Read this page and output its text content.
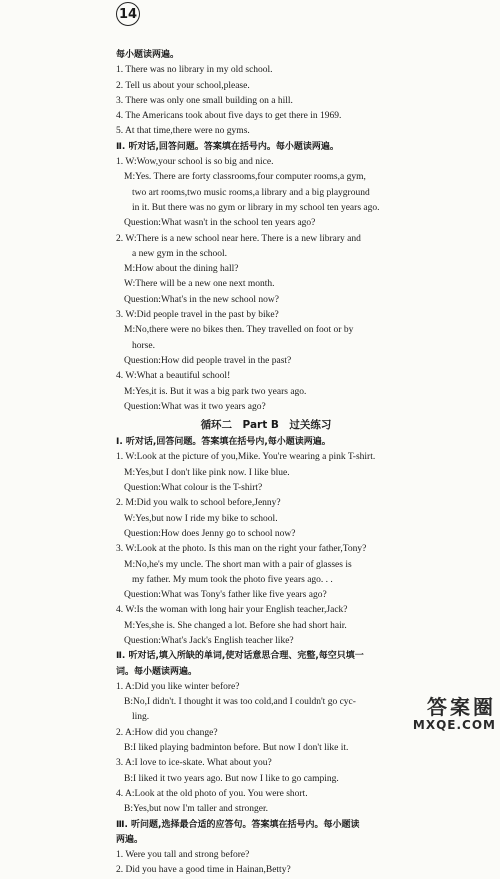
14
每小题读两遍。
1. There was no library in my old school.
2. Tell us about your school,please.
3. There was only one small building on a hill.
4. The Americans took about five days to get there in 1969.
5. At that time,there were no gyms.
Ⅱ. 听对话,回答问题。答案填在括号内。每小题读两遍。
1. W:Wow,your school is so big and nice.
M:Yes. There are forty classrooms,four computer rooms,a gym,
two art rooms,two music rooms,a library and a big playground
in it. But there was no gym or library in my school ten years ago.
Question:What wasn't in the school ten years ago?
2. W:There is a new school near here. There is a new library and
a new gym in the school.
M:How about the dining hall?
W:There will be a new one next month.
Question:What's in the new school now?
3. W:Did people travel in the past by bike?
M:No,there were no bikes then. They travelled on foot or by
horse.
Question:How did people travel in the past?
4. W:What a beautiful school!
M:Yes,it is. But it was a big park two years ago.
Question:What was it two years ago?
循环二　Part B　过关练习
Ⅰ. 听对话,回答问题。答案填在括号内,每小题读两遍。
1. W:Look at the picture of you,Mike. You're wearing a pink T-shirt.
M:Yes,but I don't like pink now. I like blue.
Question:What colour is the T-shirt?
2. M:Did you walk to school before,Jenny?
W:Yes,but now I ride my bike to school.
Question:How does Jenny go to school now?
3. W:Look at the photo. Is this man on the right your father,Tony?
M:No,he's my uncle. The short man with a pair of glasses is
my father. My mum took the photo five years ago. . .
Question:What was Tony's father like five years ago?
4. W:Is the woman with long hair your English teacher,Jack?
M:Yes,she is. She changed a lot. Before she had short hair.
Question:What's Jack's English teacher like?
Ⅱ. 听对话,填入所缺的单词,使对话意思合理、完整,每空只填一
词。每小题读两遍。
1. A:Did you like winter before?
B:No,I didn't. I thought it was too cold,and I couldn't go cyc-
ling.
2. A:How did you change?
B:I liked playing badminton before. But now I don't like it.
3. A:I love to ice-skate. What about you?
B:I liked it two years ago. But now I like to go camping.
4. A:Look at the old photo of you. You were short.
B:Yes,but now I'm taller and stronger.
Ⅲ. 听问题,选择最合适的应答句。答案填在括号内。每小题读
两遍。
1. Were you tall and strong before?
2. Did you have a good time in Hainan,Betty?
答案圈
MXQE.COM
